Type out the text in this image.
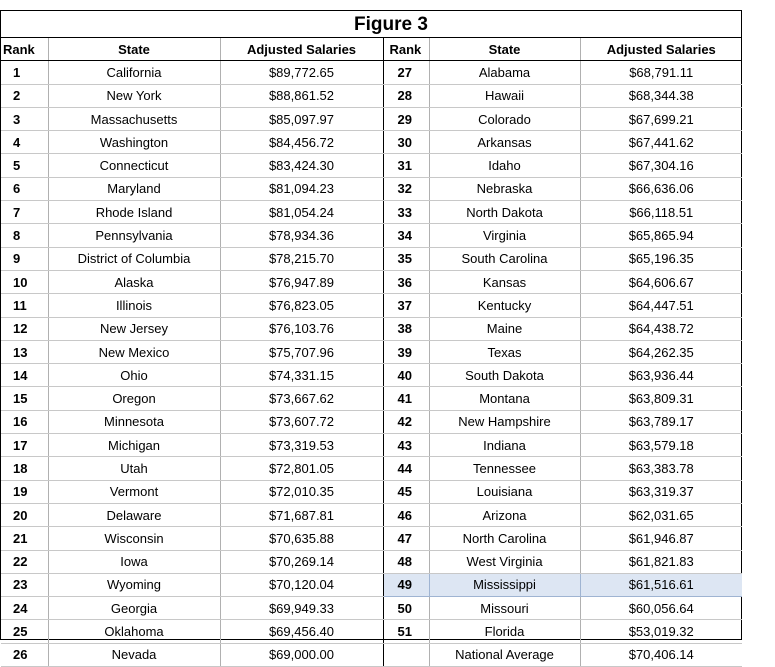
Figure 3
Rank	State	Adjusted Salaries	Rank	State	Adjusted Salaries
1	California	$89,772.65	27	Alabama	$68,791.11
2	New York	$88,861.52	28	Hawaii	$68,344.38
3	Massachusetts	$85,097.97	29	Colorado	$67,699.21
4	Washington	$84,456.72	30	Arkansas	$67,441.62
5	Connecticut	$83,424.30	31	Idaho	$67,304.16
6	Maryland	$81,094.23	32	Nebraska	$66,636.06
7	Rhode Island	$81,054.24	33	North Dakota	$66,118.51
8	Pennsylvania	$78,934.36	34	Virginia	$65,865.94
9	District of Columbia	$78,215.70	35	South Carolina	$65,196.35
10	Alaska	$76,947.89	36	Kansas	$64,606.67
11	Illinois	$76,823.05	37	Kentucky	$64,447.51
12	New Jersey	$76,103.76	38	Maine	$64,438.72
13	New Mexico	$75,707.96	39	Texas	$64,262.35
14	Ohio	$74,331.15	40	South Dakota	$63,936.44
15	Oregon	$73,667.62	41	Montana	$63,809.31
16	Minnesota	$73,607.72	42	New Hampshire	$63,789.17
17	Michigan	$73,319.53	43	Indiana	$63,579.18
18	Utah	$72,801.05	44	Tennessee	$63,383.78
19	Vermont	$72,010.35	45	Louisiana	$63,319.37
20	Delaware	$71,687.81	46	Arizona	$62,031.65
21	Wisconsin	$70,635.88	47	North Carolina	$61,946.87
22	Iowa	$70,269.14	48	West Virginia	$61,821.83
23	Wyoming	$70,120.04	49	Mississippi	$61,516.61
24	Georgia	$69,949.33	50	Missouri	$60,056.64
25	Oklahoma	$69,456.40	51	Florida	$53,019.32
26	Nevada	$69,000.00		National Average	$70,406.14
